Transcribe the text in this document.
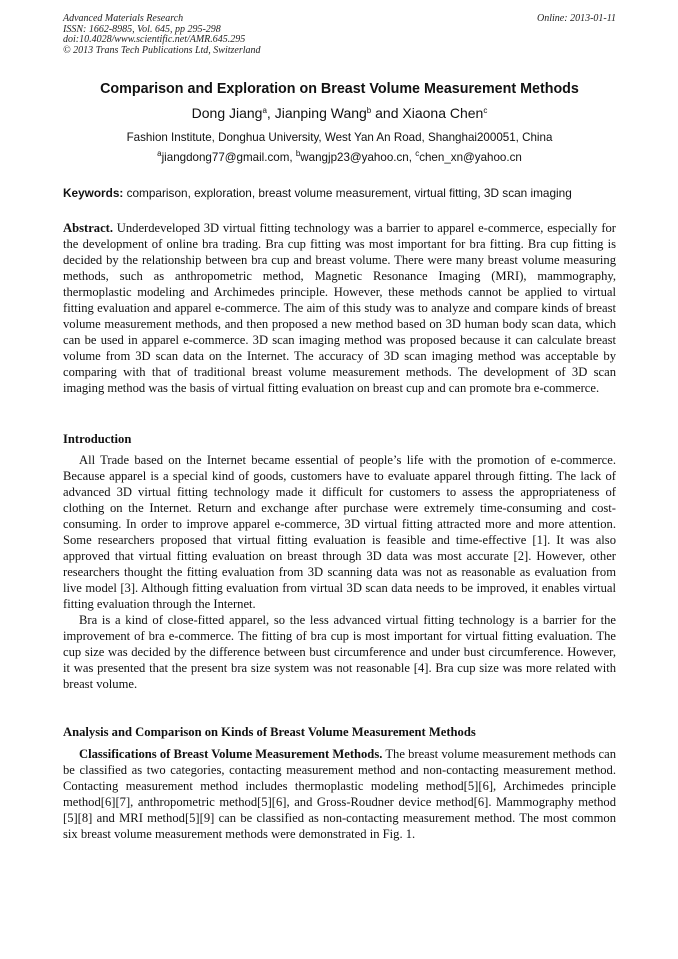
Advanced Materials Research
ISSN: 1662-8985, Vol. 645, pp 295-298
doi:10.4028/www.scientific.net/AMR.645.295
© 2013 Trans Tech Publications Ltd, Switzerland
Online: 2013-01-11
Comparison and Exploration on Breast Volume Measurement Methods
Dong Jiang$^a$, Jianping Wang$^b$ and Xiaona Chen$^c$
Fashion Institute, Donghua University, West Yan An Road, Shanghai200051, China
$^a$jiangdong77@gmail.com, $^b$wangjp23@yahoo.cn, $^c$chen_xn@yahoo.cn
Keywords: comparison, exploration, breast volume measurement, virtual fitting, 3D scan imaging
Abstract. Underdeveloped 3D virtual fitting technology was a barrier to apparel e-commerce, especially for the development of online bra trading. Bra cup fitting was most important for bra fitting. Bra cup fitting is decided by the relationship between bra cup and breast volume. There were many breast volume measuring methods, such as anthropometric method, Magnetic Resonance Imaging (MRI), mammography, thermoplastic modeling and Archimedes principle. However, these methods cannot be applied to virtual fitting evaluation and apparel e-commerce. The aim of this study was to analyze and compare kinds of breast volume measurement methods, and then proposed a new method based on 3D human body scan data, which can be used in apparel e-commerce. 3D scan imaging method was proposed because it can calculate breast volume from 3D scan data on the Internet. The accuracy of 3D scan imaging method was acceptable by comparing with that of traditional breast volume measurement methods. The development of 3D scan imaging method was the basis of virtual fitting evaluation on breast cup and can promote bra e-commerce.
Introduction

All Trade based on the Internet became essential of people’s life with the promotion of e-commerce. Because apparel is a special kind of goods, customers have to evaluate apparel through fitting. The lack of advanced 3D virtual fitting technology made it difficult for customers to assess the appropriateness of clothing on the Internet. Return and exchange after purchase were extremely time-consuming and cost-consuming. In order to improve apparel e-commerce, 3D virtual fitting attracted more and more attention. Some researchers proposed that virtual fitting evaluation is feasible and time-effective [1]. It was also approved that virtual fitting evaluation on breast through 3D data was most accurate [2]. However, other researchers thought the fitting evaluation from 3D scanning data was not as reasonable as evaluation from live model [3]. Although fitting evaluation from virtual 3D scan data needs to be improved, it enables virtual fitting evaluation through the Internet.

Bra is a kind of close-fitted apparel, so the less advanced virtual fitting technology is a barrier for the improvement of bra e-commerce. The fitting of bra cup is most important for virtual fitting evaluation. The cup size was decided by the difference between bust circumference and under bust circumference. However, it was presented that the present bra size system was not reasonable [4]. Bra cup size was more related with breast volume.

Analysis and Comparison on Kinds of Breast Volume Measurement Methods
Classifications of Breast Volume Measurement Methods. The breast volume measurement methods can be classified as two categories, contacting measurement method and non-contacting measurement method. Contacting measurement method includes thermoplastic modeling method[5][6], Archimedes principle method[6][7], anthropometric method[5][6], and Gross-Roudner device method[6]. Mammography method [5][8] and MRI method[5][9] can be classified as non-contacting measurement method. The most common six breast volume measurement methods were demonstrated in Fig. 1.
